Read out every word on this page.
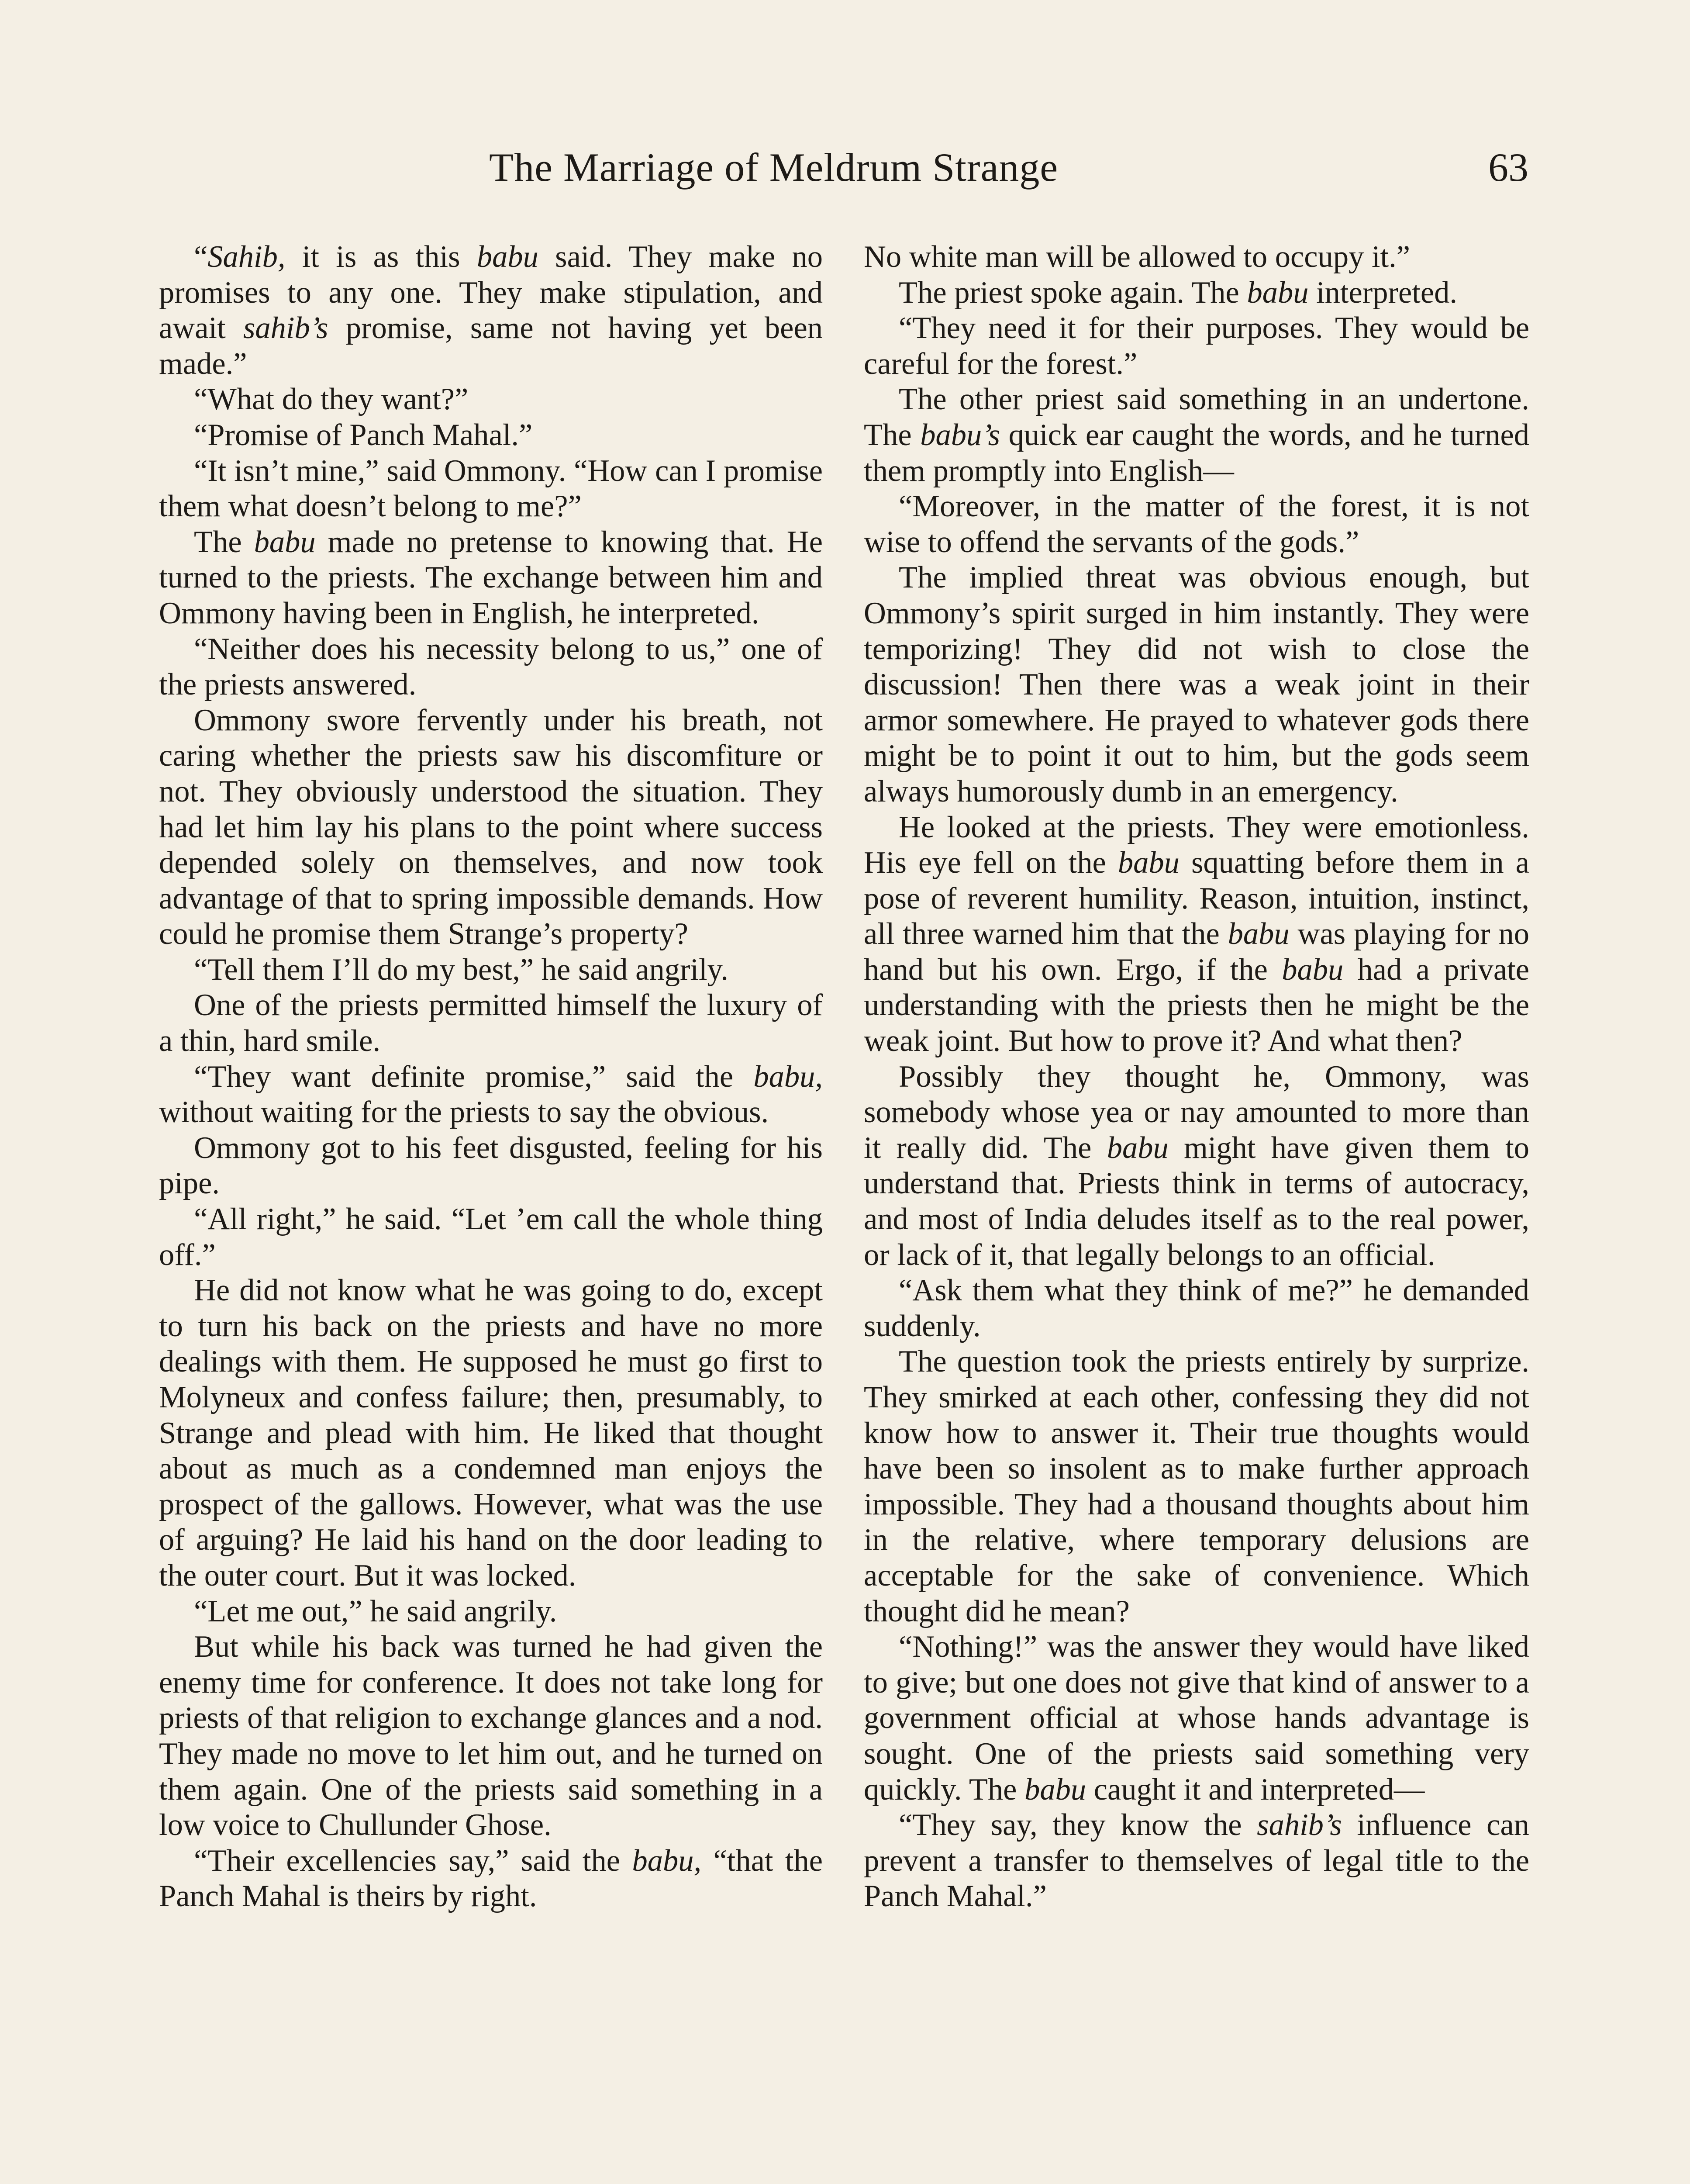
The Marriage of Meldrum Strange	63

“Sahib, it is as this babu said. They make no promises to any one. They make stipulation, and await sahib’s promise, same not having yet been made.”

“What do they want?”

“Promise of Panch Mahal.”

“It isn’t mine,” said Ommony. “How can I promise them what doesn’t belong to me?”

The babu made no pretense to knowing that. He turned to the priests. The exchange between him and Ommony having been in English, he interpreted.

“Neither does his necessity belong to us,” one of the priests answered.

Ommony swore fervently under his breath, not caring whether the priests saw his discomfiture or not. They obviously understood the situation. They had let him lay his plans to the point where success depended solely on themselves, and now took advantage of that to spring impossible demands. How could he promise them Strange’s property?

“Tell them I’ll do my best,” he said angrily.

One of the priests permitted himself the luxury of a thin, hard smile.

“They want definite promise,” said the babu, without waiting for the priests to say the obvious.

Ommony got to his feet disgusted, feeling for his pipe.

“All right,” he said. “Let ’em call the whole thing off.”

He did not know what he was going to do, except to turn his back on the priests and have no more dealings with them. He supposed he must go first to Molyneux and confess failure; then, presumably, to Strange and plead with him. He liked that thought about as much as a condemned man enjoys the prospect of the gallows. However, what was the use of arguing? He laid his hand on the door leading to the outer court. But it was locked.

“Let me out,” he said angrily.

But while his back was turned he had given the enemy time for conference. It does not take long for priests of that religion to exchange glances and a nod. They made no move to let him out, and he turned on them again. One of the priests said something in a low voice to Chullunder Ghose.

“Their excellencies say,” said the babu, “that the Panch Mahal is theirs by right.

No white man will be allowed to occupy it.”

The priest spoke again. The babu interpreted.

“They need it for their purposes. They would be careful for the forest.”

The other priest said something in an undertone. The babu’s quick ear caught the words, and he turned them promptly into English—

“Moreover, in the matter of the forest, it is not wise to offend the servants of the gods.”

The implied threat was obvious enough, but Ommony’s spirit surged in him instantly. They were temporizing! They did not wish to close the discussion! Then there was a weak joint in their armor somewhere. He prayed to whatever gods there might be to point it out to him, but the gods seem always humorously dumb in an emergency.

He looked at the priests. They were emotionless. His eye fell on the babu squatting before them in a pose of reverent humility. Reason, intuition, instinct, all three warned him that the babu was playing for no hand but his own. Ergo, if the babu had a private understanding with the priests then he might be the weak joint. But how to prove it? And what then?

Possibly they thought he, Ommony, was somebody whose yea or nay amounted to more than it really did. The babu might have given them to understand that. Priests think in terms of autocracy, and most of India deludes itself as to the real power, or lack of it, that legally belongs to an official.

“Ask them what they think of me?” he demanded suddenly.

The question took the priests entirely by surprize. They smirked at each other, confessing they did not know how to answer it. Their true thoughts would have been so insolent as to make further approach impossible. They had a thousand thoughts about him in the relative, where temporary delusions are acceptable for the sake of convenience. Which thought did he mean?

“Nothing!” was the answer they would have liked to give; but one does not give that kind of answer to a government official at whose hands advantage is sought. One of the priests said something very quickly. The babu caught it and interpreted—

“They say, they know the sahib’s influence can prevent a transfer to themselves of legal title to the Panch Mahal.”
